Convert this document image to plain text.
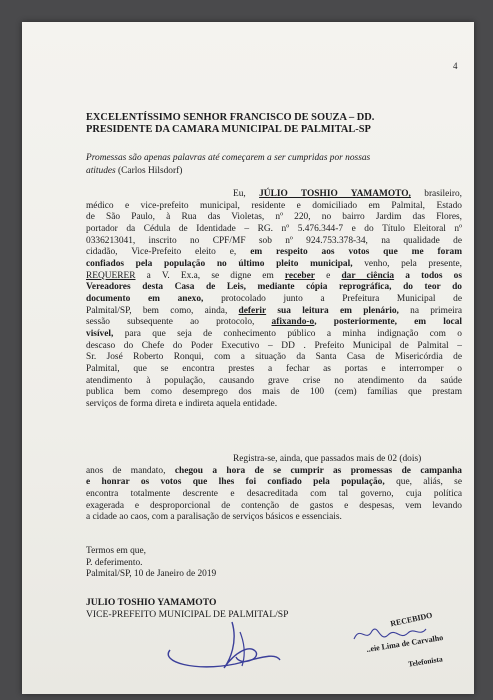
4
EXCELENTÍSSIMO SENHOR FRANCISCO DE SOUZA – DD.
PRESIDENTE DA CAMARA MUNICIPAL DE PALMITAL-SP
Promessas são apenas palavras até começarem a ser cumpridas por nossas
atitudes (Carlos Hilsdorf)
Eu, JÚLIO TOSHIO YAMAMOTO, brasileiro,
médico e vice-prefeito municipal, residente e domiciliado em Palmital, Estado
de São Paulo, à Rua das Violetas, nº 220, no bairro Jardim das Flores,
portador da Cédula de Identidade – RG. nº 5.476.344-7 e do Título Eleitoral nº
0336213041, inscrito no CPF/MF sob nº 924.753.378-34, na qualidade de
cidadão, Vice-Prefeito eleito e, em respeito aos votos que me foram
confiados pela população no último pleito municipal, venho, pela presente,
REQUERER a V. Ex.a, se digne em receber e dar ciência a todos os
Vereadores desta Casa de Leis, mediante cópia reprográfica, do teor do
documento em anexo, protocolado junto a Prefeitura Municipal de
Palmital/SP, bem como, ainda, deferir sua leitura em plenário, na primeira
sessão subsequente ao protocolo, afixando-o, posteriormente, em local
visível, para que seja de conhecimento público a minha indignação com o
descaso do Chefe do Poder Executivo – DD . Prefeito Municipal de Palmital –
Sr. José Roberto Ronqui, com a situação da Santa Casa de Misericórdia de
Palmital, que se encontra prestes a fechar as portas e interromper o
atendimento à população, causando grave crise no atendimento da saúde
publica bem como desemprego dos mais de 100 (cem) famílias que prestam
serviços de forma direta e indireta aquela entidade.
Registra-se, ainda, que passados mais de 02 (dois)
anos de mandato, chegou a hora de se cumprir as promessas de campanha
e honrar os votos que lhes foi confiado pela população, que, aliás, se
encontra totalmente descrente e desacreditada com tal governo, cuja política
exagerada e desproporcional de contenção de gastos e despesas, vem levando
a cidade ao caos, com a paralisação de serviços básicos e essenciais.
Termos em que,
P. deferimento.
Palmital/SP, 10 de Janeiro de 2019
JULIO TOSHIO YAMAMOTO
VICE-PREFEITO MUNICIPAL DE PALMITAL/SP	RECEBIDO
..eie Lima de Carvalho
Telefonista
